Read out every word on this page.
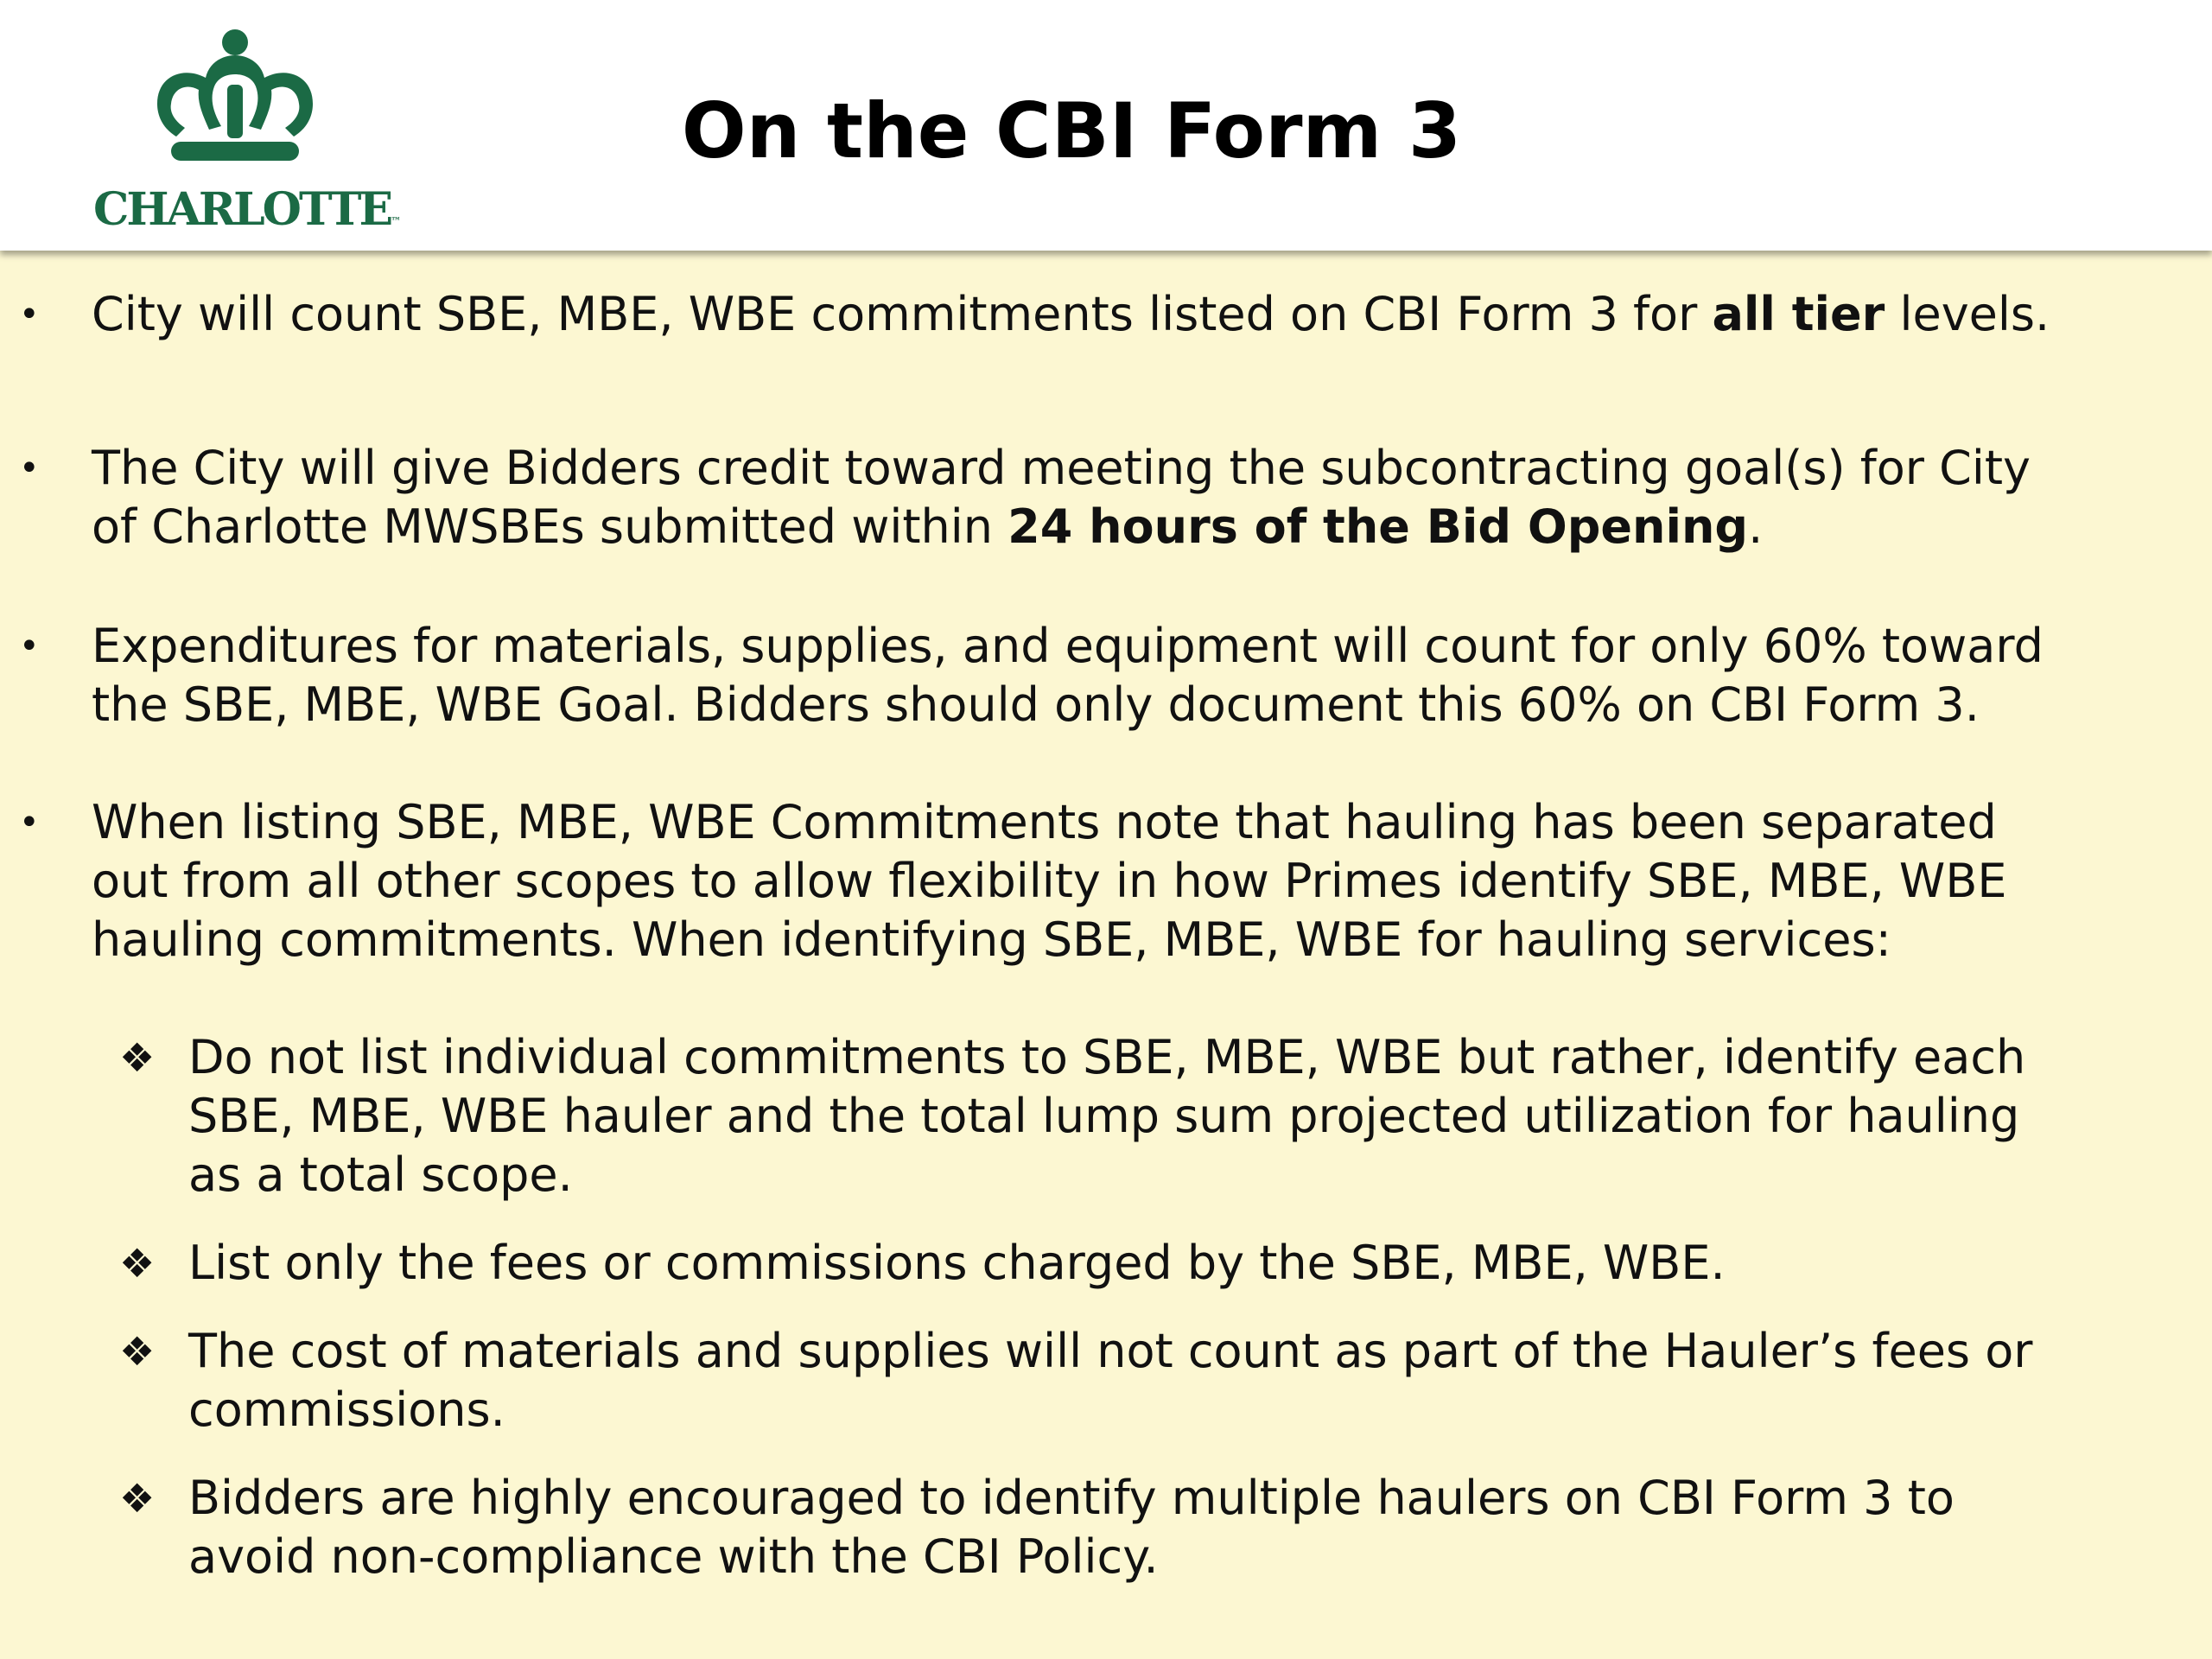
CHARLOTTE™
On the CBI Form 3
• City will count SBE, MBE, WBE commitments listed on CBI Form 3 for all tier levels.
• The City will give Bidders credit toward meeting the subcontracting goal(s) for City
of Charlotte MWSBEs submitted within 24 hours of the Bid Opening.
• Expenditures for materials, supplies, and equipment will count for only 60% toward
the SBE, MBE, WBE Goal. Bidders should only document this 60% on CBI Form 3.
• When listing SBE, MBE, WBE Commitments note that hauling has been separated
out from all other scopes to allow flexibility in how Primes identify SBE, MBE, WBE
hauling commitments. When identifying SBE, MBE, WBE for hauling services:
❖ Do not list individual commitments to SBE, MBE, WBE but rather, identify each
SBE, MBE, WBE hauler and the total lump sum projected utilization for hauling
as a total scope.
❖ List only the fees or commissions charged by the SBE, MBE, WBE.
❖ The cost of materials and supplies will not count as part of the Hauler’s fees or
commissions.
❖ Bidders are highly encouraged to identify multiple haulers on CBI Form 3 to
avoid non-compliance with the CBI Policy.
